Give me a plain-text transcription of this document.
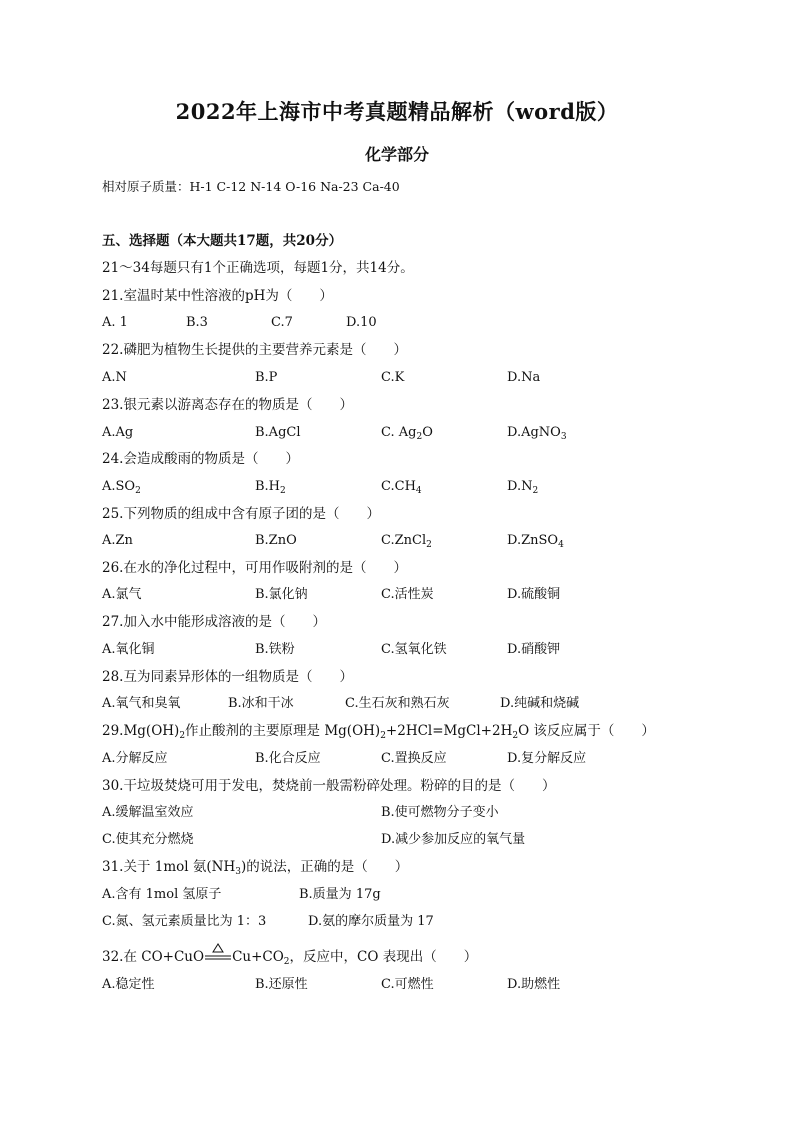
2022年上海市中考真题精品解析（word版）
化学部分
相对原子质量：H-1 C-12 N-14 O-16 Na-23 Ca-40
五、选择题（本大题共17题，共20分）
21～34每题只有1个正确选项，每题1分，共14分。
21.室温时某中性溶液的pH为（　　）
A. 1	B.3	C.7	D.10
22.磷肥为植物生长提供的主要营养元素是（　　）
A.N	B.P	C.K	D.Na
23.银元素以游离态存在的物质是（　　）
A.Ag	B.AgCl	C. $Ag_2O$	D.AgNO$_3$
24.会造成酸雨的物质是（　　）
$A.SO_2$	$B.H_2$	$C.CH_4$	$D.N_2$
25.下列物质的组成中含有原子团的是（　　）
A.Zn	B.ZnO	C.ZnCl$_2$	D.ZnSO$_4$
26.在水的净化过程中，可用作吸附剂的是（　　）
A.氯气	B.氯化钠	C.活性炭	D.硫酸铜
27.加入水中能形成溶液的是（　　）
A.氧化铜	B.铁粉	C.氢氧化铁	D.硝酸钾
28.互为同素异形体的一组物质是（　　）
A.氧气和臭氧	B.冰和干冰	C.生石灰和熟石灰	D.纯碱和烧碱
$29.Mg(OH)_2$作止酸剂的主要原理是 $Mg(OH)_2+2HCl=MgCl+2H_2O$ 该反应属于（　　）
A.分解反应	B.化合反应	C.置换反应	D.复分解反应
30.干垃圾焚烧可用于发电，焚烧前一般需粉碎处理。粉碎的目的是（　　）
A.缓解温室效应	B.使可燃物分子变小
C.使其充分燃烧	D.减少参加反应的氧气量
31.关于 1mol 氨$(NH_3)$的说法，正确的是（　　）
A.含有 1mol 氢原子	B.质量为 17g
C.氮、氢元素质量比为 1：3	D.氨的摩尔质量为 17
32.在 CO+CuO $Cu+CO_2$，反应中，CO 表现出（　　）
A.稳定性	B.还原性	C.可燃性	D.助燃性
